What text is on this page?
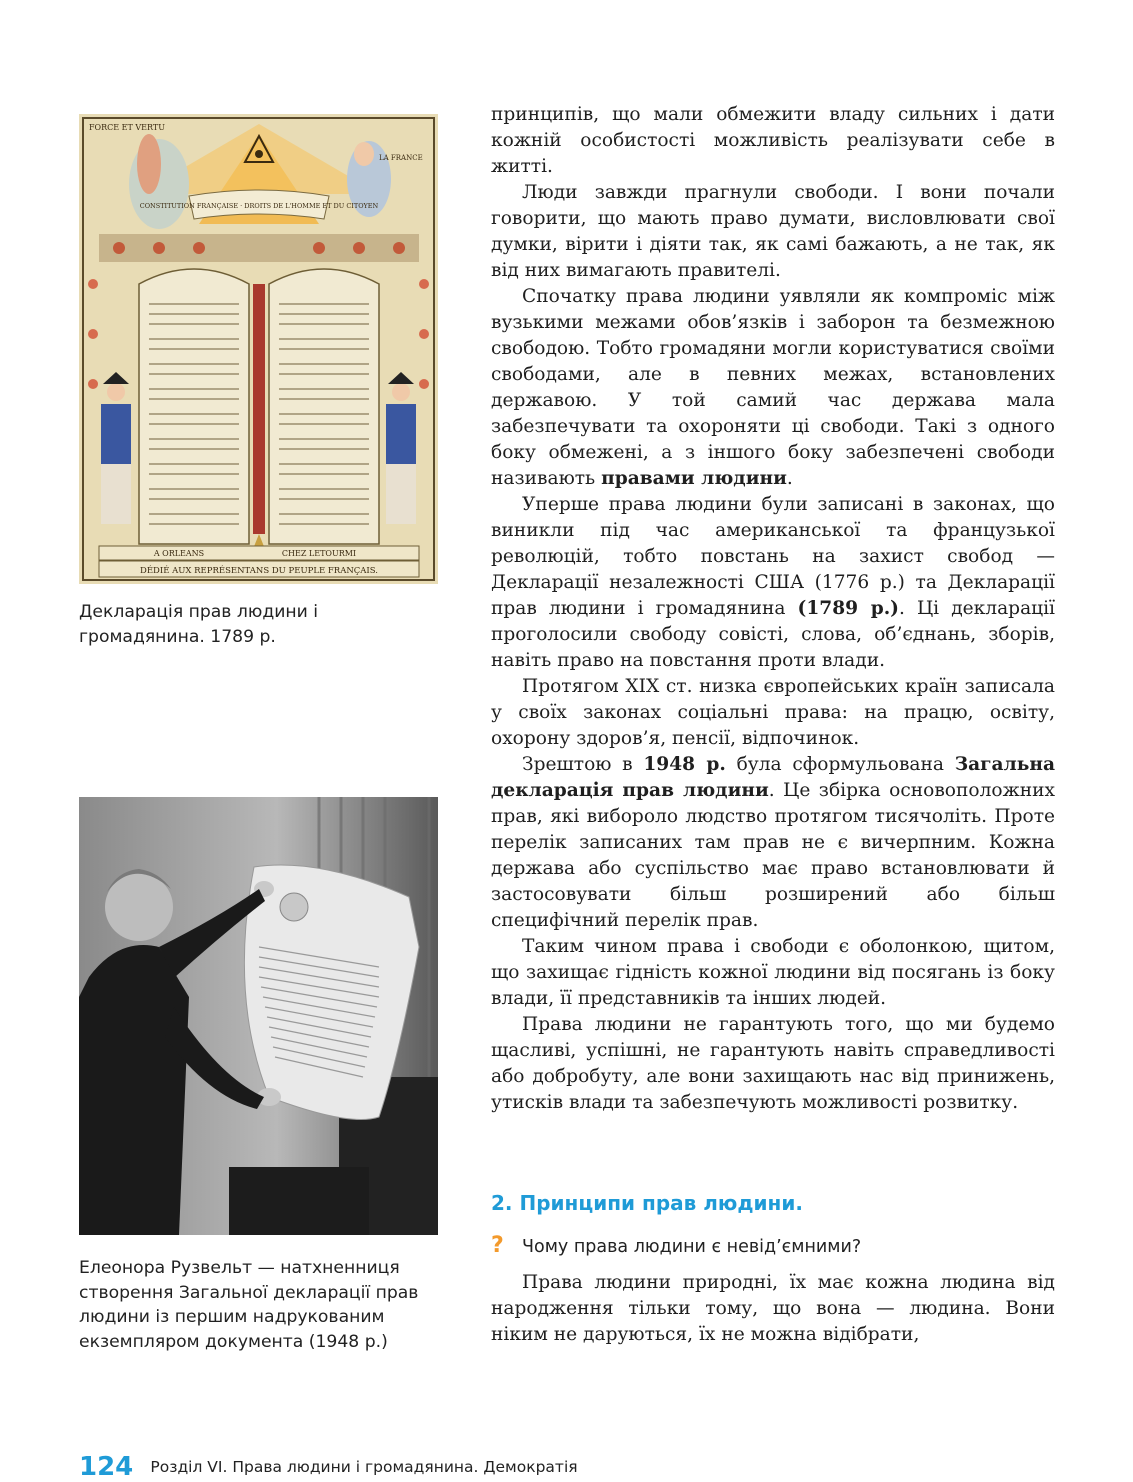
FORCE ET VERTU
LA FRANCE
CONSTITUTION FRANÇAISE · DROITS DE L'HOMME ET DU CITOYEN
A ORLEANS	CHEZ LETOURMI
DÉDIÉ AUX REPRÉSENTANS DU PEUPLE FRANÇAIS.
Декларація прав людини і громадянина. 1789 р.
Елеонора Рузвельт — натхненниця створення Загальної декларації прав людини із першим надрукованим екземпляром документа (1948 р.)

принципів, що мали обмежити владу сильних і дати кожній особистості можливість реалізувати себе в житті.

Люди завжди прагнули свободи. І вони почали говорити, що мають право думати, висловлювати свої думки, вірити і діяти так, як самі бажають, а не так, як від них вимагають правителі.

Спочатку права людини уявляли як компроміс між вузькими межами обов’язків і заборон та безмежною свободою. Тобто громадяни могли користуватися своїми свободами, але в певних межах, встановлених державою. У той самий час держава мала забезпечувати та охороняти ці свободи. Такі з одного боку обмежені, а з іншого боку забезпечені свободи називають правами людини.

Уперше права людини були записані в законах, що виникли під час американської та французької революцій, тобто повстань на захист свобод — Декларації незалежності США (1776 р.) та Декларації прав людини і громадянина (1789 р.). Ці декларації проголосили свободу совісті, слова, об’єднань, зборів, навіть право на повстання проти влади.

Протягом XIX ст. низка європейських країн записала у своїх законах соціальні права: на працю, освіту, охорону здоров’я, пенсії, відпочинок.

Зрештою в 1948 р. була сформульована Загальна декларація прав людини. Це збірка основоположних прав, які виборолo людство протягом тисячоліть. Проте перелік записаних там прав не є вичерпним. Кожна держава або суспільство має право встановлювати й застосовувати більш розширений або більш специфічний перелік прав.

Таким чином права і свободи є оболонкою, щитом, що захищає гідність кожної людини від посягань із боку влади, її представників та інших людей.

Права людини не гарантують того, що ми будемо щасливі, успішні, не гарантують навіть справедливості або добробуту, але вони захищають нас від принижень, утисків влади та забезпечують можливості розвитку.

2. Принципи прав людини.
? Чому права людини є невід’ємними?

Права людини природні, їх має кожна людина від народження тільки тому, що вона — людина. Вони ніким не даруються, їх не можна відібрати,

124 Розділ VI. Права людини і громадянина. Демократія
